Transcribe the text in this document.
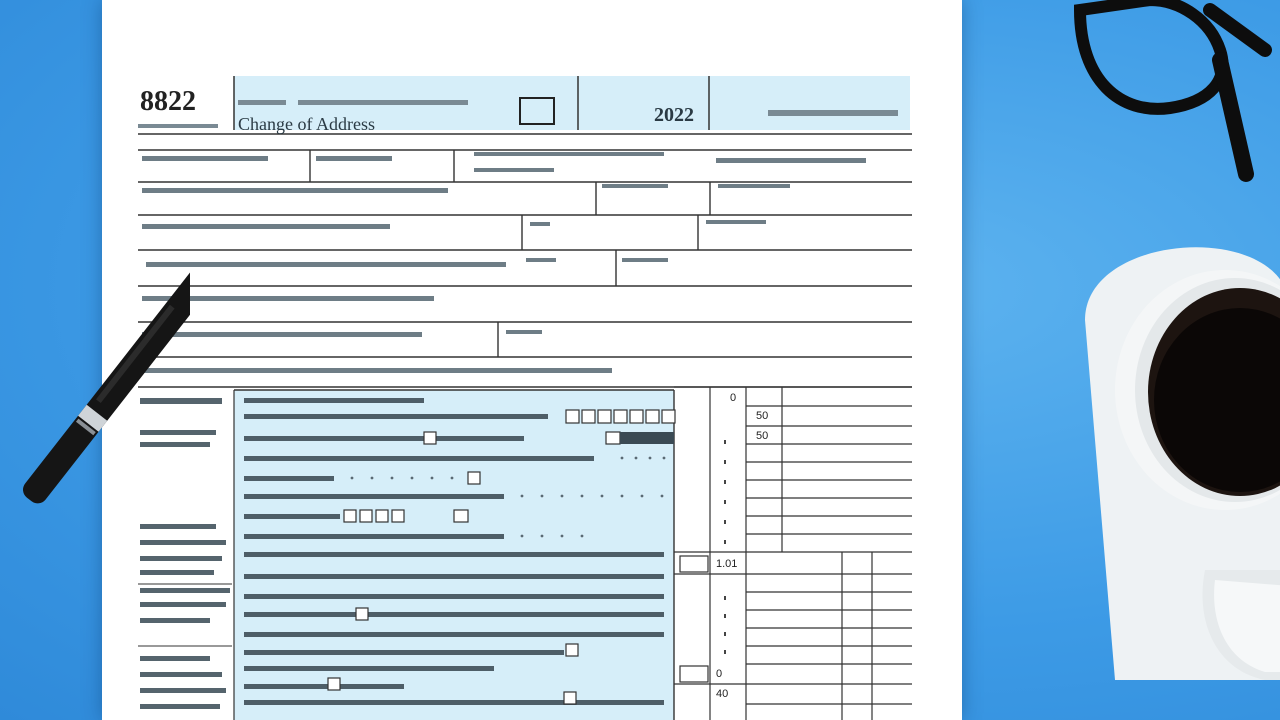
8822
Change of Address	2022
0
50
50
1.01
0
40
